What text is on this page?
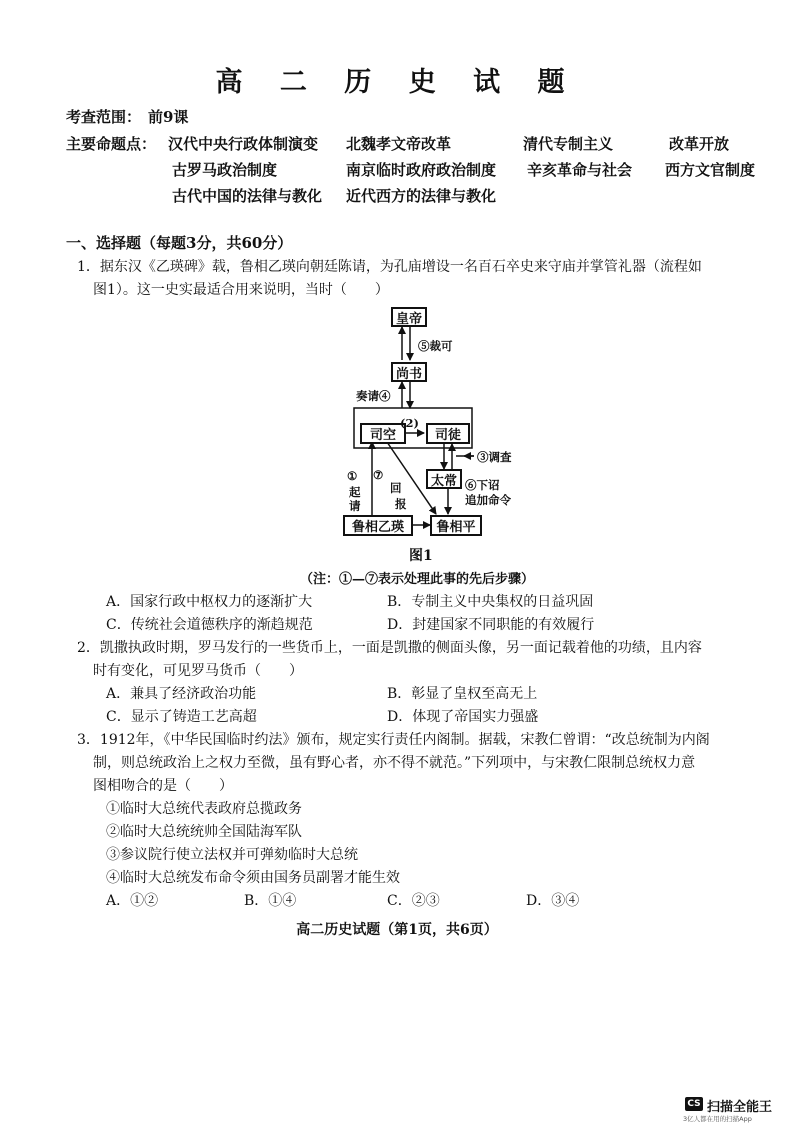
高 二 历 史 试 题
考查范围： 前9课
主要命题点： 汉代中央行政体制演变 北魏孝文帝改革	清代专制主义	改革开放
古罗马政治制度	南京临时政府政治制度 辛亥革命与社会 西方文官制度
古代中国的法律与教化 近代西方的法律与教化
一、选择题（每题3分，共60分）
1．据东汉《乙瑛碑》载，鲁相乙瑛向朝廷陈请，为孔庙增设一名百石卒史来守庙并掌管礼器（流程如
图1）。这一史实最适合用来说明，当时（　　）
皇帝
尚书
司空	司徒
太常
鲁相乙瑛	鲁相平
⑤裁可
奏请④
(2)
③调查
①
起
请
⑦
回
报
⑥下诏
追加命令
图1
（注：①—⑦表示处理此事的先后步骤）
A．国家行政中枢权力的逐渐扩大	B．专制主义中央集权的日益巩固
C．传统社会道德秩序的渐趋规范	D．封建国家不同职能的有效履行
2．凯撒执政时期，罗马发行的一些货币上，一面是凯撒的侧面头像，另一面记载着他的功绩，且内容
时有变化，可见罗马货币（　　）
A．兼具了经济政治功能	B．彰显了皇权至高无上
C．显示了铸造工艺高超	D．体现了帝国实力强盛
3．1912年，《中华民国临时约法》颁布，规定实行责任内阁制。据载，宋教仁曾谓：“改总统制为内阁
制，则总统政治上之权力至微，虽有野心者，亦不得不就范。”下列项中，与宋教仁限制总统权力意
图相吻合的是（　　）
①临时大总统代表政府总揽政务
②临时大总统统帅全国陆海军队
③参议院行使立法权并可弹劾临时大总统
④临时大总统发布命令须由国务员副署才能生效
A．①②	B．①④	C．②③	D．③④
高二历史试题（第1页，共6页）
CS 扫描全能王
3亿人都在用的扫描App
